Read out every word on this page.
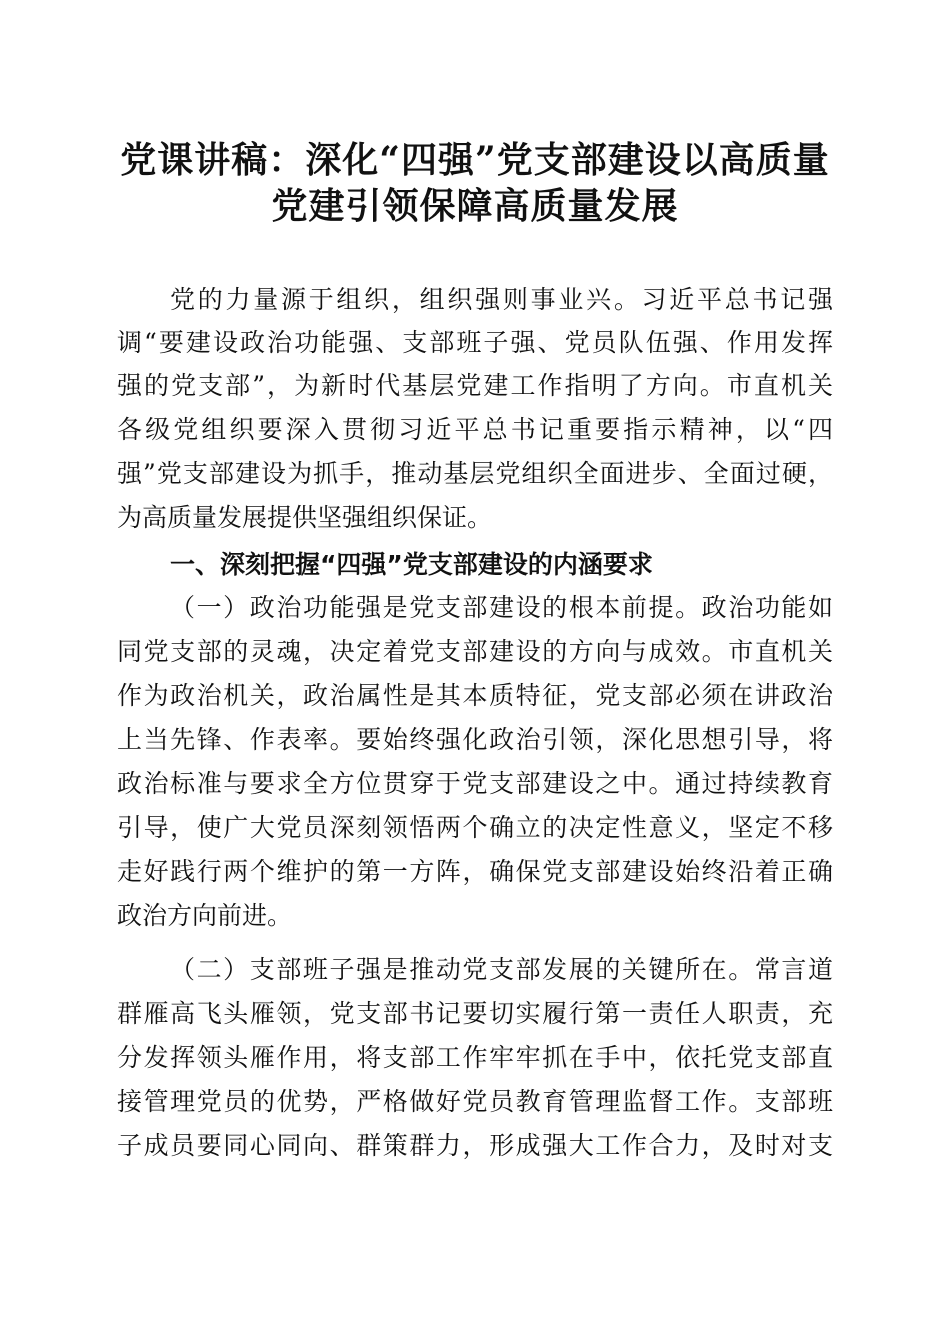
党课讲稿：深化“四强”党支部建设以高质量
党建引领保障高质量发展
党的力量源于组织，组织强则事业兴。习近平总书记强
调“要建设政治功能强、支部班子强、党员队伍强、作用发挥
强的党支部”，为新时代基层党建工作指明了方向。市直机关
各级党组织要深入贯彻习近平总书记重要指示精神，以“四
强”党支部建设为抓手，推动基层党组织全面进步、全面过硬，
为高质量发展提供坚强组织保证。
一、深刻把握“四强”党支部建设的内涵要求
（一）政治功能强是党支部建设的根本前提。政治功能如
同党支部的灵魂，决定着党支部建设的方向与成效。市直机关
作为政治机关，政治属性是其本质特征，党支部必须在讲政治
上当先锋、作表率。要始终强化政治引领，深化思想引导，将
政治标准与要求全方位贯穿于党支部建设之中。通过持续教育
引导，使广大党员深刻领悟两个确立的决定性意义，坚定不移
走好践行两个维护的第一方阵，确保党支部建设始终沿着正确
政治方向前进。
（二）支部班子强是推动党支部发展的关键所在。常言道
群雁高飞头雁领，党支部书记要切实履行第一责任人职责，充
分发挥领头雁作用，将支部工作牢牢抓在手中，依托党支部直
接管理党员的优势，严格做好党员教育管理监督工作。支部班
子成员要同心同向、群策群力，形成强大工作合力，及时对支
